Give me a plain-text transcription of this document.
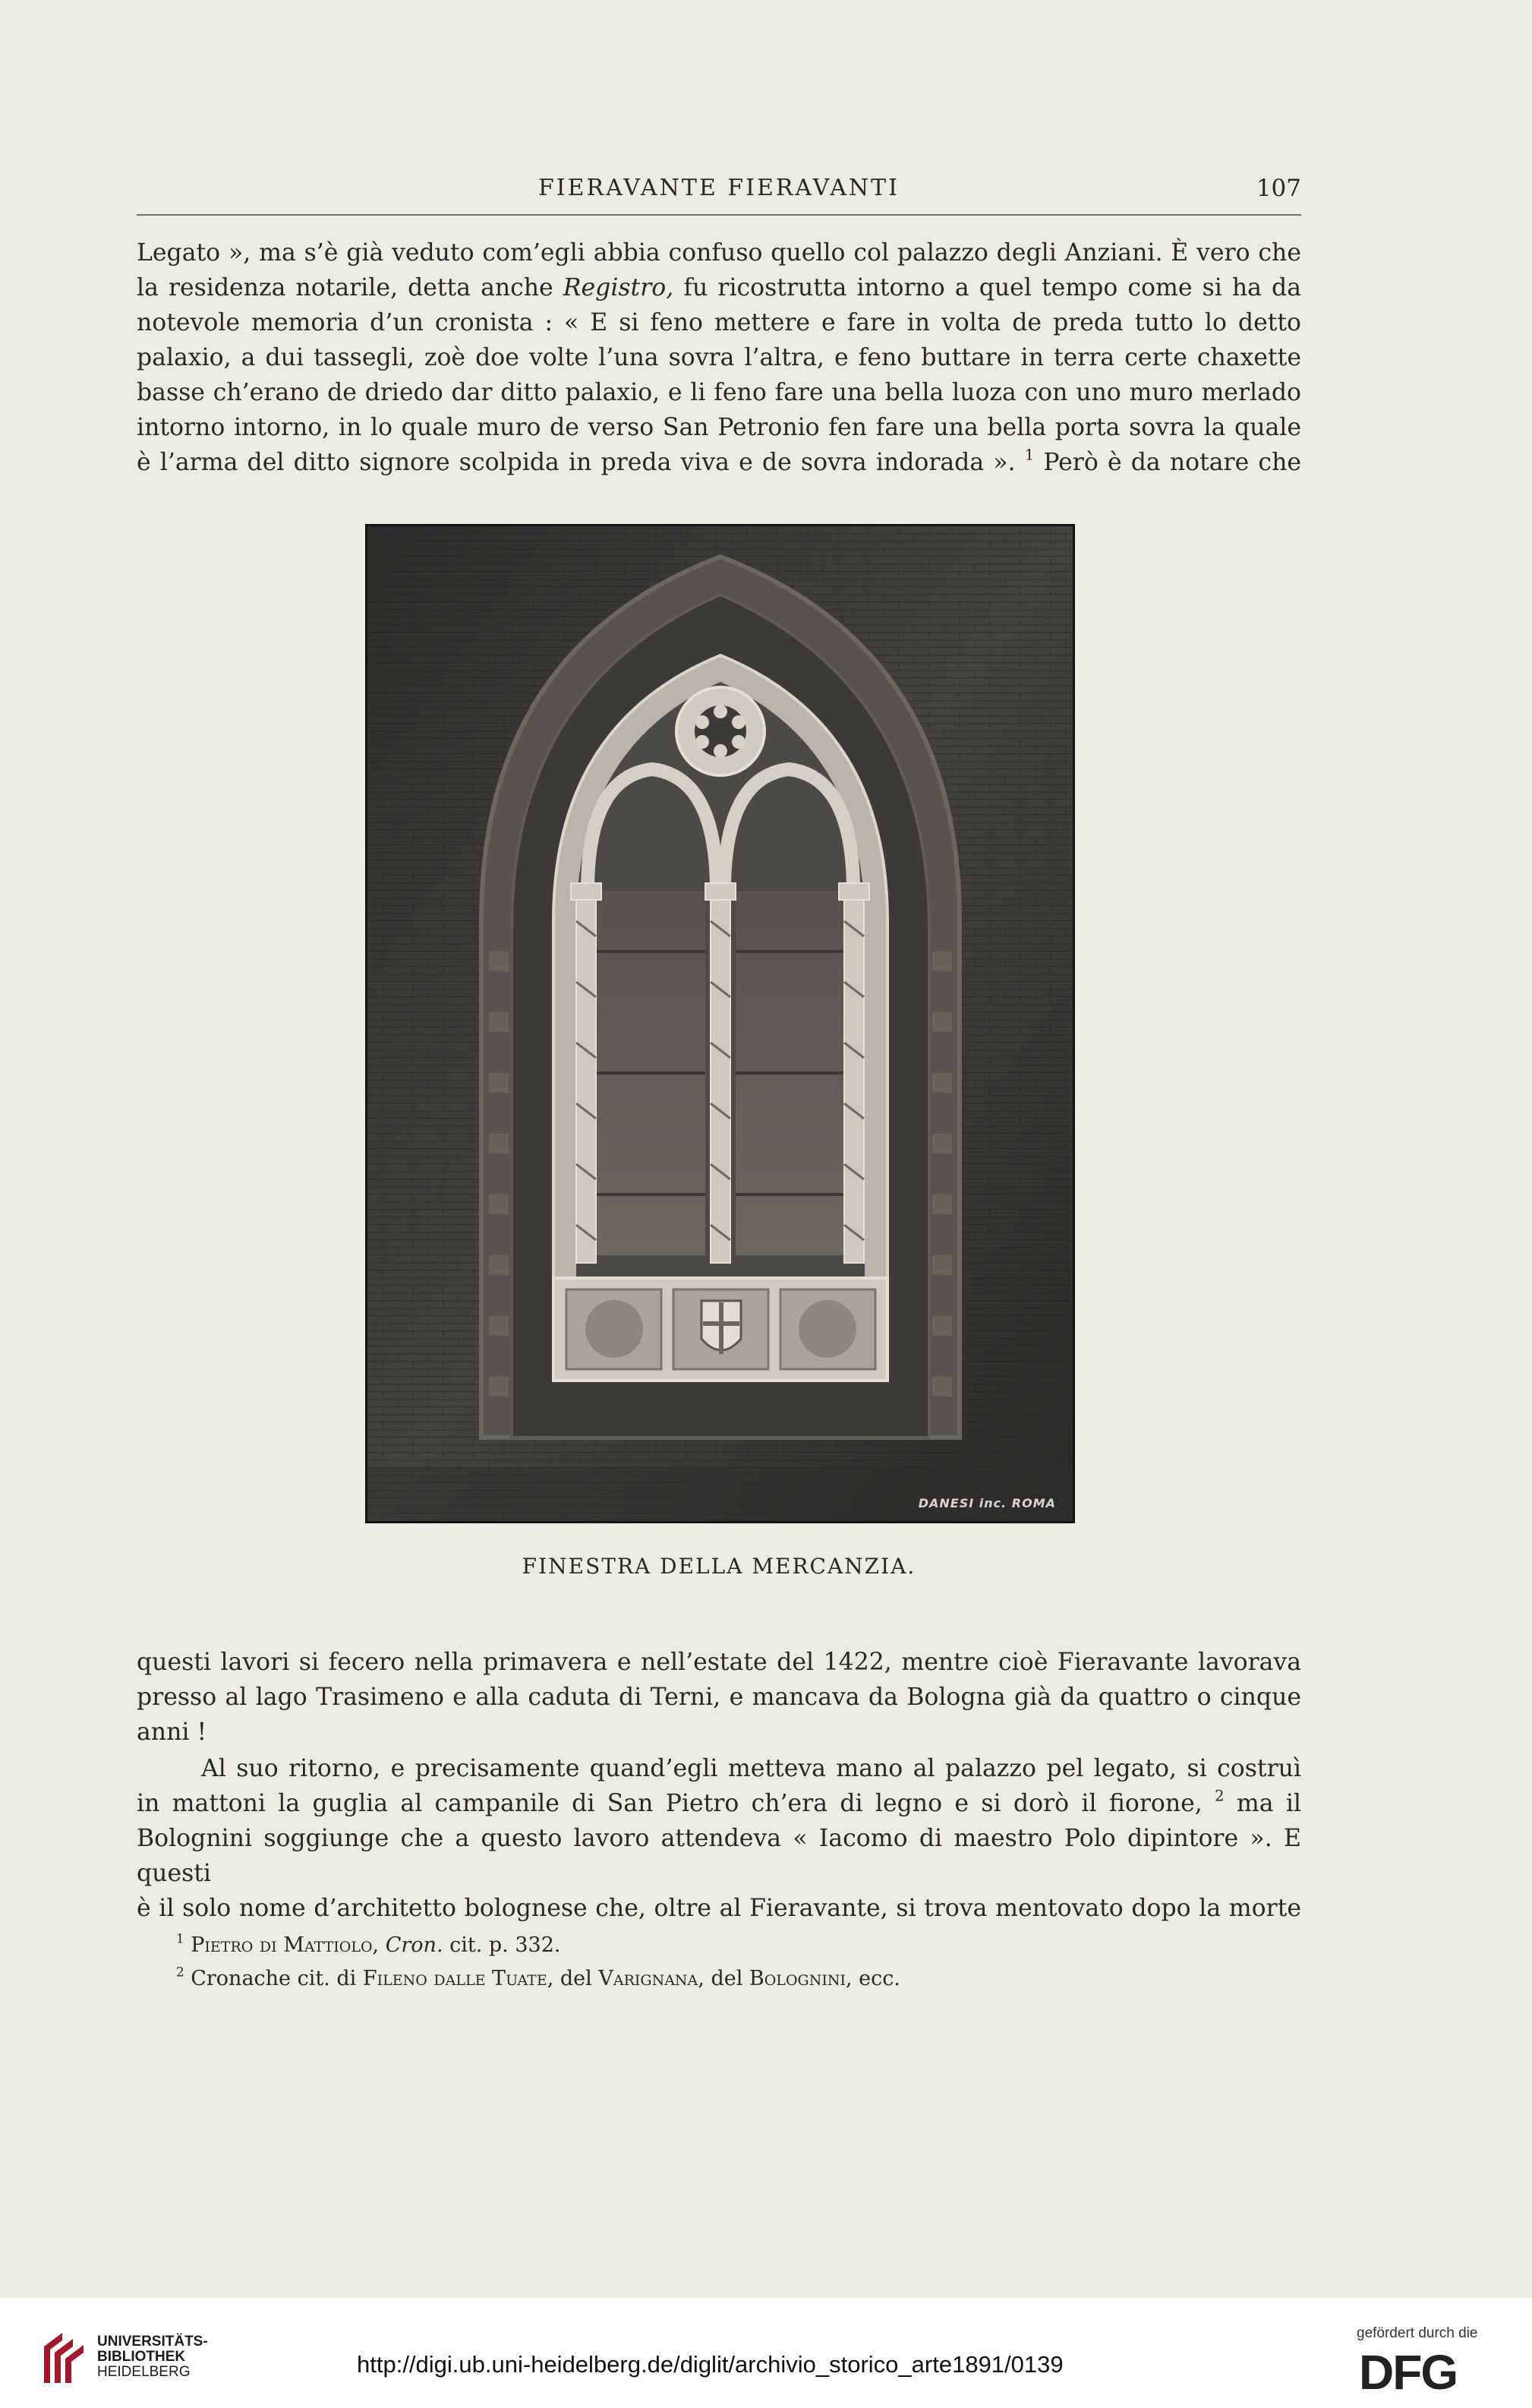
FIERAVANTE FIERAVANTI	107

Legato », ma s’è già veduto com’egli abbia confuso quello col palazzo degli Anziani. È vero che

la residenza notarile, detta anche Registro, fu ricostrutta intorno a quel tempo come si ha da

notevole memoria d’un cronista : « E si feno mettere e fare in volta de preda tutto lo detto

palaxio, a dui tassegli, zoè doe volte l’una sovra l’altra, e feno buttare in terra certe chaxette

basse ch’erano de driedo dar ditto palaxio, e li feno fare una bella luoza con uno muro merlado

intorno intorno, in lo quale muro de verso San Petronio fen fare una bella porta sovra la quale

è l’arma del ditto signore scolpida in preda viva e de sovra indorada ». $^1$ Però è da notare che

DANESI inc. ROMA
FINESTRA DELLA MERCANZIA.

questi lavori si fecero nella primavera e nell’estate del 1422, mentre cioè Fieravante lavorava

presso al lago Trasimeno e alla caduta di Terni, e mancava da Bologna già da quattro o cinque

anni !

Al suo ritorno, e precisamente quand’egli metteva mano al palazzo pel legato, si costruì

in mattoni la guglia al campanile di San Pietro ch’era di legno e si dorò il fiorone, $^2$ ma il

Bolognini soggiunge che a questo lavoro attendeva « Iacomo di maestro Polo dipintore ». E questi

è il solo nome d’architetto bolognese che, oltre al Fieravante, si trova mentovato dopo la morte

$^1$ Pietro di Mattiolo, Cron. cit. p. 332.

$^2$ Cronache cit. di Fileno dalle Tuate, del Varignana, del Bolognini, ecc.

UNIVERSITÄTS-
BIBLIOTHEK
HEIDELBERG	http://digi.ub.uni-heidelberg.de/diglit/archivio_storico_arte1891/0139
gefördert durch die
DFG
